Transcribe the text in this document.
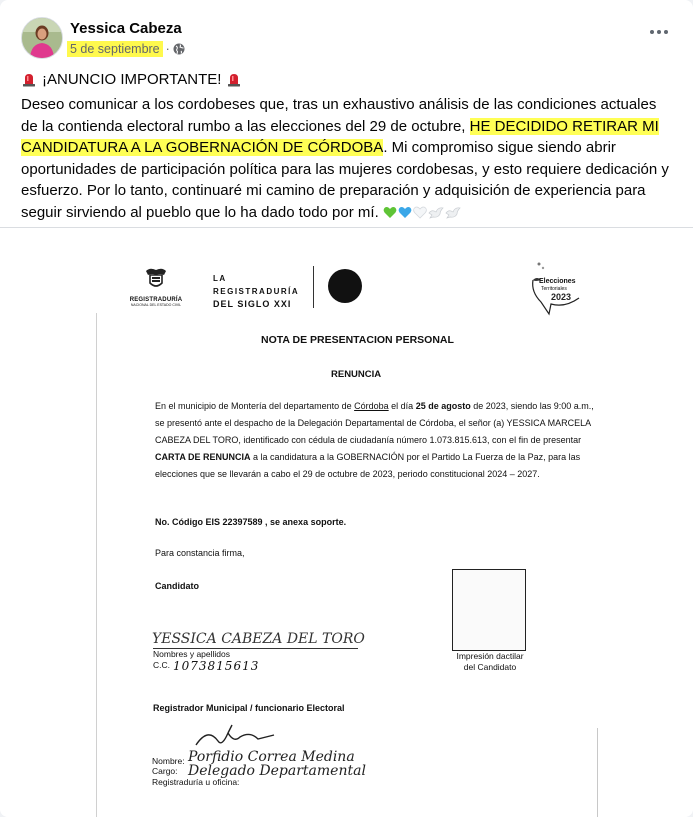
Yessica Cabeza
5 de septiembre ·
¡ANUNCIO IMPORTANTE!
Deseo comunicar a los cordobeses que, tras un exhaustivo análisis de las condiciones actuales de la contienda electoral rumbo a las elecciones del 29 de octubre, HE DECIDIDO RETIRAR MI CANDIDATURA A LA GOBERNACIÓN DE CÓRDOBA. Mi compromiso sigue siendo abrir oportunidades de participación política para las mujeres cordobesas, y esto requiere dedicación y esfuerzo. Por lo tanto, continuaré mi camino de preparación y adquisición de experiencia para seguir sirviendo al pueblo que lo ha dado todo por mí.
REGISTRADURÍA
NACIONAL DEL ESTADO CIVIL
LA REGISTRADURÍA
DEL SIGLO XXI
Elecciones
Territoriales
2023
NOTA DE PRESENTACION PERSONAL
RENUNCIA
En el municipio de Montería del departamento de Córdoba el día 25 de agosto de 2023, siendo las 9:00 a.m., se presentó ante el despacho de la Delegación Departamental de Córdoba, el señor (a) YESSICA MARCELA CABEZA DEL TORO, identificado con cédula de ciudadanía número 1.073.815.613, con el fin de presentar CARTA DE RENUNCIA a la candidatura a la GOBERNACIÓN por el Partido La Fuerza de la Paz, para las elecciones que se llevarán a cabo el 29 de octubre de 2023, periodo constitucional 2024 – 2027.
No. Código EIS 22397589 , se anexa soporte.
Para constancia firma,
Candidato
Impresión dactilar
del Candidato
YESSICA CABEZA DEL TORO
Nombres y apellidos
C.C. 1073815613
Registrador Municipal / funcionario Electoral
Nombre: Porfidio Correa Medina
Cargo: Delegado Departamental
Registraduría u oficina:
